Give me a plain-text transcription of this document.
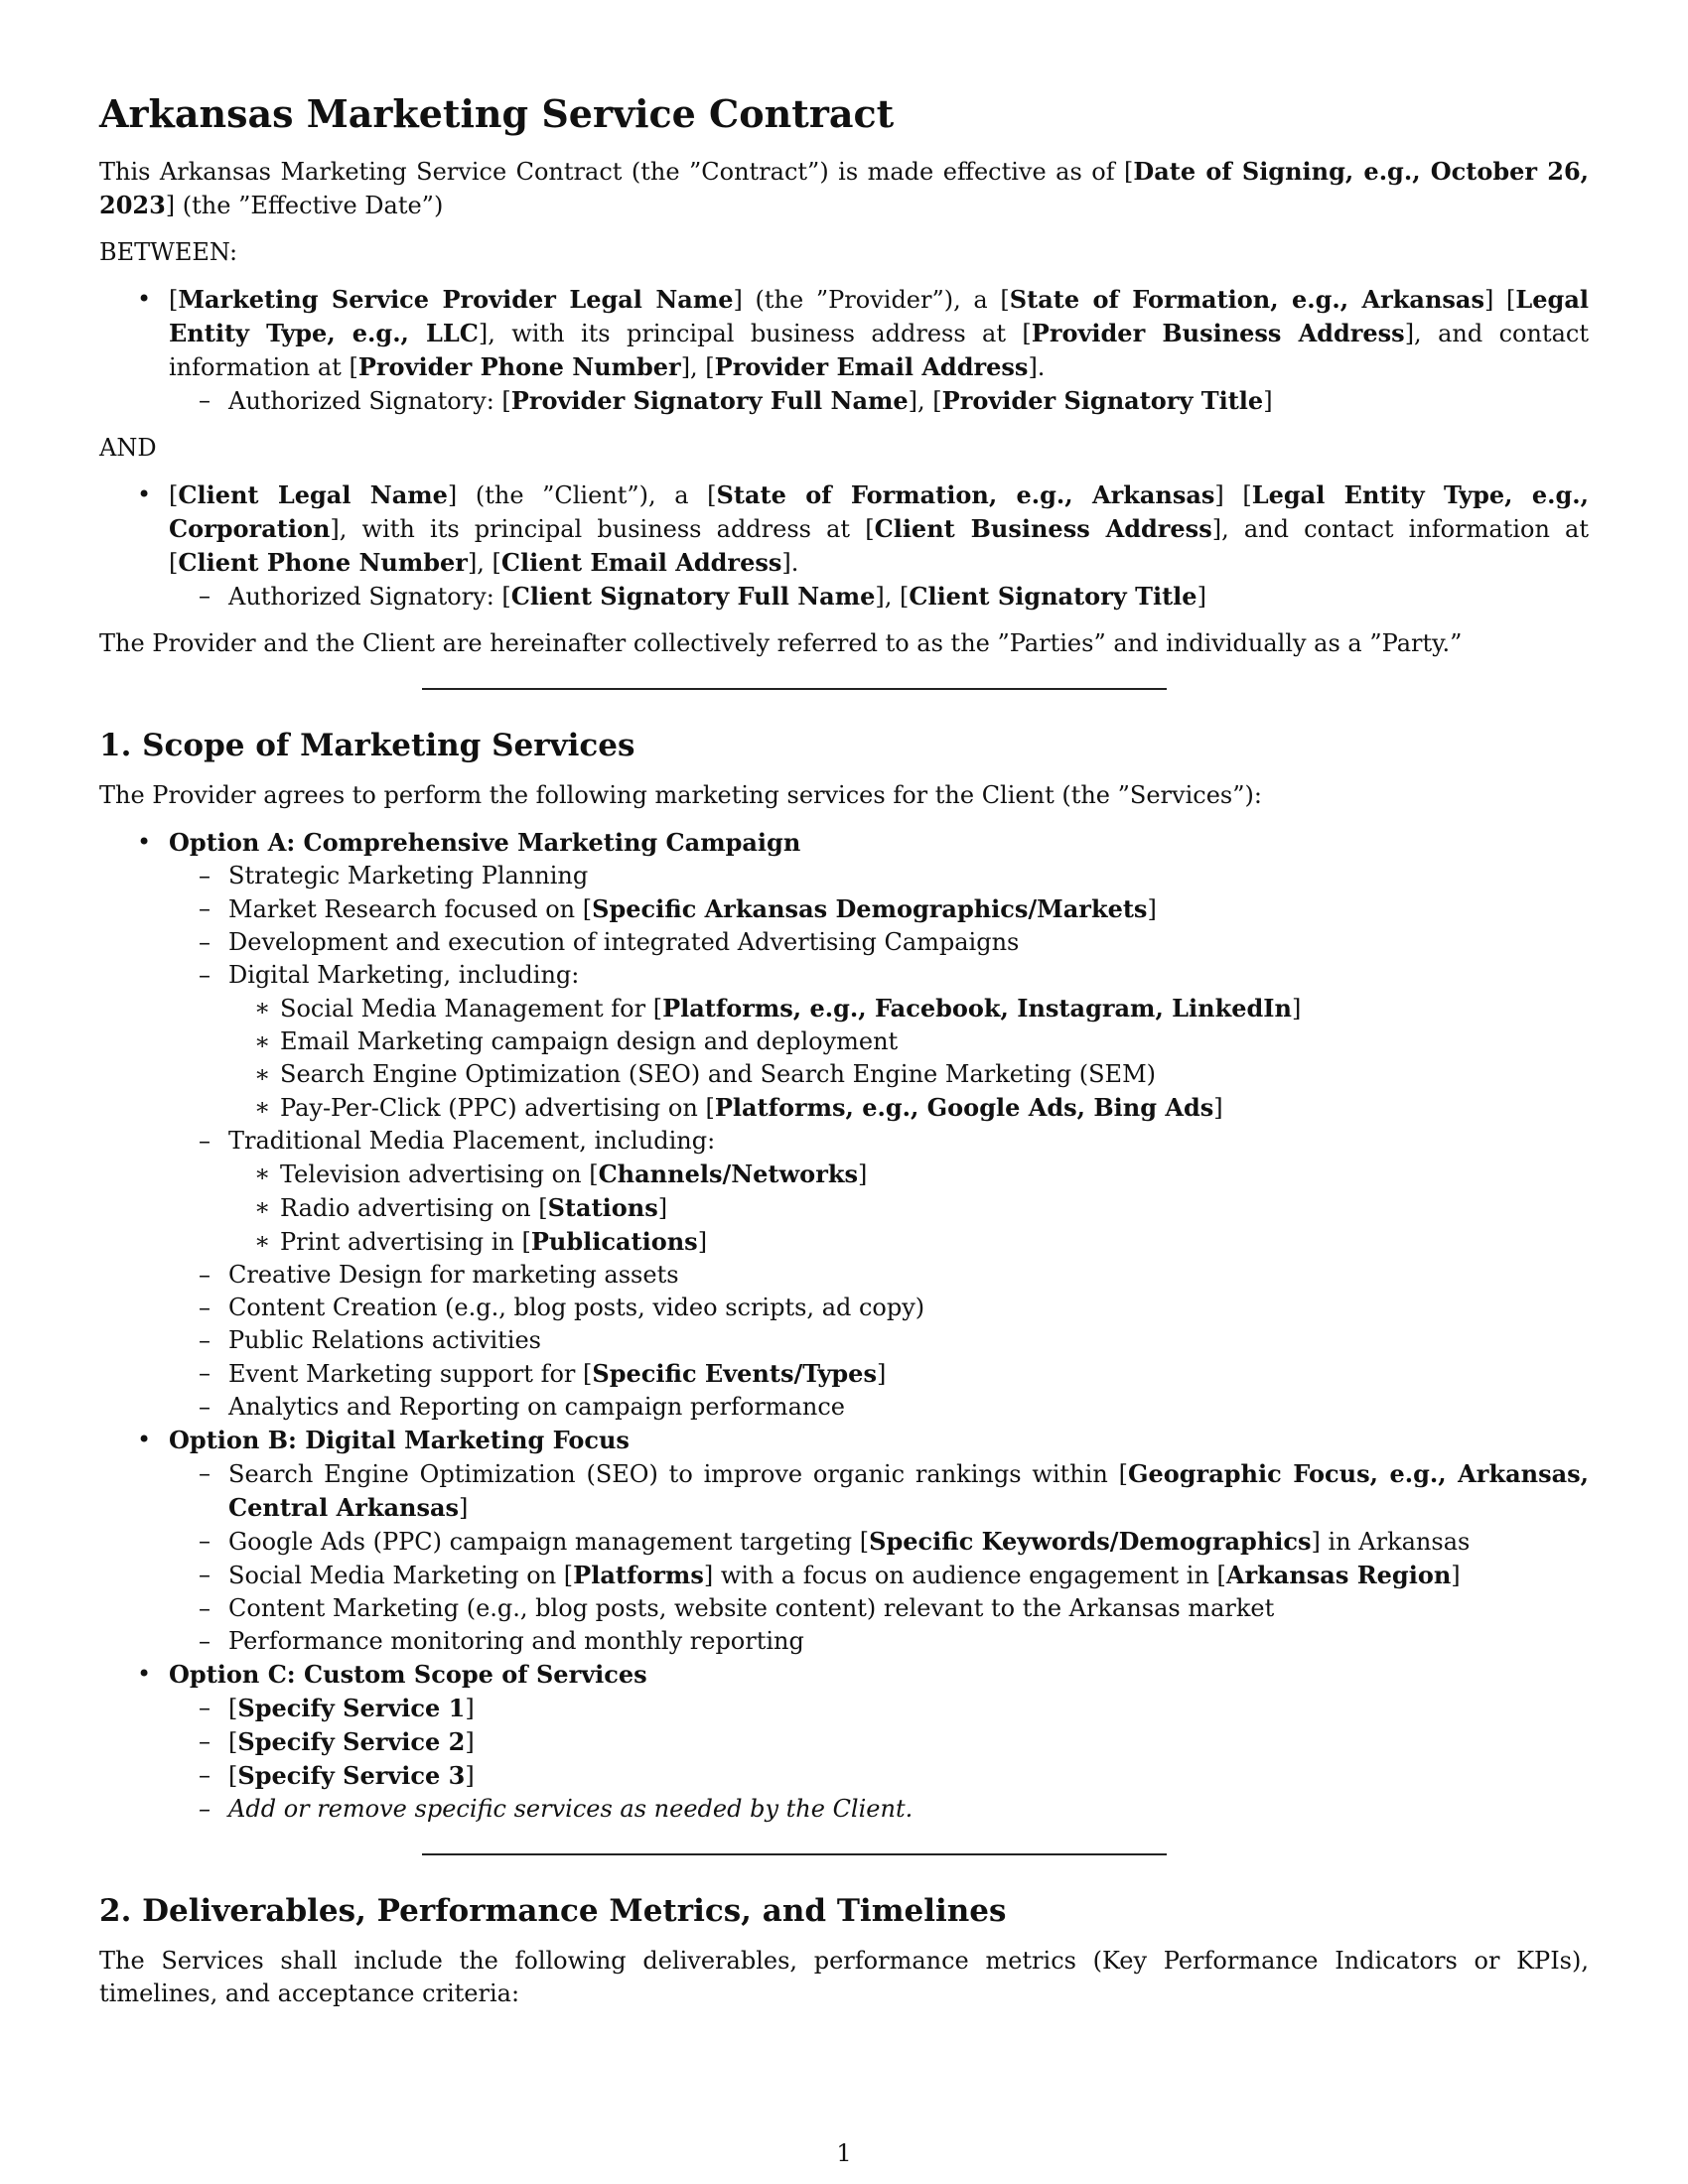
Arkansas Marketing Service Contract

This Arkansas Marketing Service Contract (the ”Contract”) is made effective as of [Date of Signing, e.g., October 26, 2023] (the ”Effective Date”)

BETWEEN:

• [Marketing Service Provider Legal Name] (the ”Provider”), a [State of Formation, e.g., Arkansas] [Legal Entity Type, e.g., LLC], with its principal business address at [Provider Business Address], and contact information at [Provider Phone Number], [Provider Email Address].
– Authorized Signatory: [Provider Signatory Full Name], [Provider Signatory Title]

AND

• [Client Legal Name] (the ”Client”), a [State of Formation, e.g., Arkansas] [Legal Entity Type, e.g., Corporation], with its principal business address at [Client Business Address], and contact information at [Client Phone Number], [Client Email Address].
– Authorized Signatory: [Client Signatory Full Name], [Client Signatory Title]

The Provider and the Client are hereinafter collectively referred to as the ”Parties” and individually as a ”Party.”

1. Scope of Marketing Services

The Provider agrees to perform the following marketing services for the Client (the ”Services”):

• Option A: Comprehensive Marketing Campaign
– Strategic Marketing Planning
– Market Research focused on [Specific Arkansas Demographics/Markets]
– Development and execution of integrated Advertising Campaigns
– Digital Marketing, including:
∗ Social Media Management for [Platforms, e.g., Facebook, Instagram, LinkedIn]
∗ Email Marketing campaign design and deployment
∗ Search Engine Optimization (SEO) and Search Engine Marketing (SEM)
∗ Pay-Per-Click (PPC) advertising on [Platforms, e.g., Google Ads, Bing Ads]
– Traditional Media Placement, including:
∗ Television advertising on [Channels/Networks]
∗ Radio advertising on [Stations]
∗ Print advertising in [Publications]
– Creative Design for marketing assets
– Content Creation (e.g., blog posts, video scripts, ad copy)
– Public Relations activities
– Event Marketing support for [Specific Events/Types]
– Analytics and Reporting on campaign performance
• Option B: Digital Marketing Focus
– Search Engine Optimization (SEO) to improve organic rankings within [Geographic Focus, e.g., Arkansas, Central Arkansas]
– Google Ads (PPC) campaign management targeting [Specific Keywords/Demographics] in Arkansas
– Social Media Marketing on [Platforms] with a focus on audience engagement in [Arkansas Region]
– Content Marketing (e.g., blog posts, website content) relevant to the Arkansas market
– Performance monitoring and monthly reporting
• Option C: Custom Scope of Services
– [Specify Service 1]
– [Specify Service 2]
– [Specify Service 3]
– Add or remove specific services as needed by the Client.
2. Deliverables, Performance Metrics, and Timelines

The Services shall include the following deliverables, performance metrics (Key Performance Indicators or KPIs), timelines, and acceptance criteria:

1
